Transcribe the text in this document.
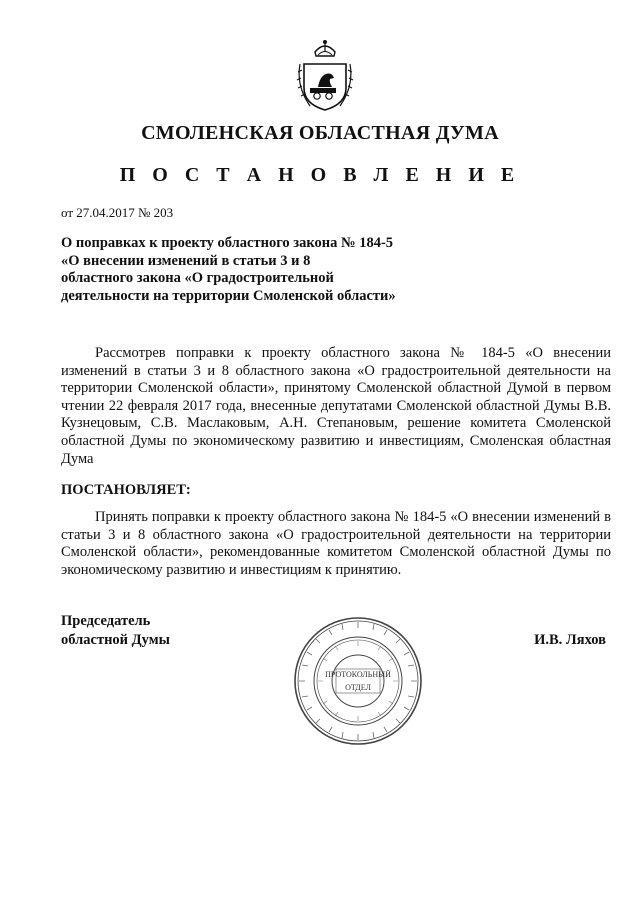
СМОЛЕНСКАЯ ОБЛАСТНАЯ ДУМА
П О С Т А Н О В Л Е Н И Е
от 27.04.2017 № 203
О поправках к проекту областного закона № 184-5
«О внесении изменений в статьи 3 и 8
областного закона «О градостроительной
деятельности на территории Смоленской области»
Рассмотрев поправки к проекту областного закона № 184-5 «О внесении изменений в статьи 3 и 8 областного закона «О градостроительной деятельности на территории Смоленской области», принятому Смоленской областной Думой в первом чтении 22 февраля 2017 года, внесенные депутатами Смоленской областной Думы В.В. Кузнецовым, С.В. Маслаковым, А.Н. Степановым, решение комитета Смоленской областной Думы по экономическому развитию и инвестициям, Смоленская областная Дума
ПОСТАНОВЛЯЕТ:
Принять поправки к проекту областного закона № 184-5 «О внесении изменений в статьи 3 и 8 областного закона «О градостроительной деятельности на территории Смоленской области», рекомендованные комитетом Смоленской областной Думы по экономическому развитию и инвестициям к принятию.
Председатель
областной Думы	И.В. Ляхов
ПРОТОКОЛЬНЫЙ
ОТДЕЛ
